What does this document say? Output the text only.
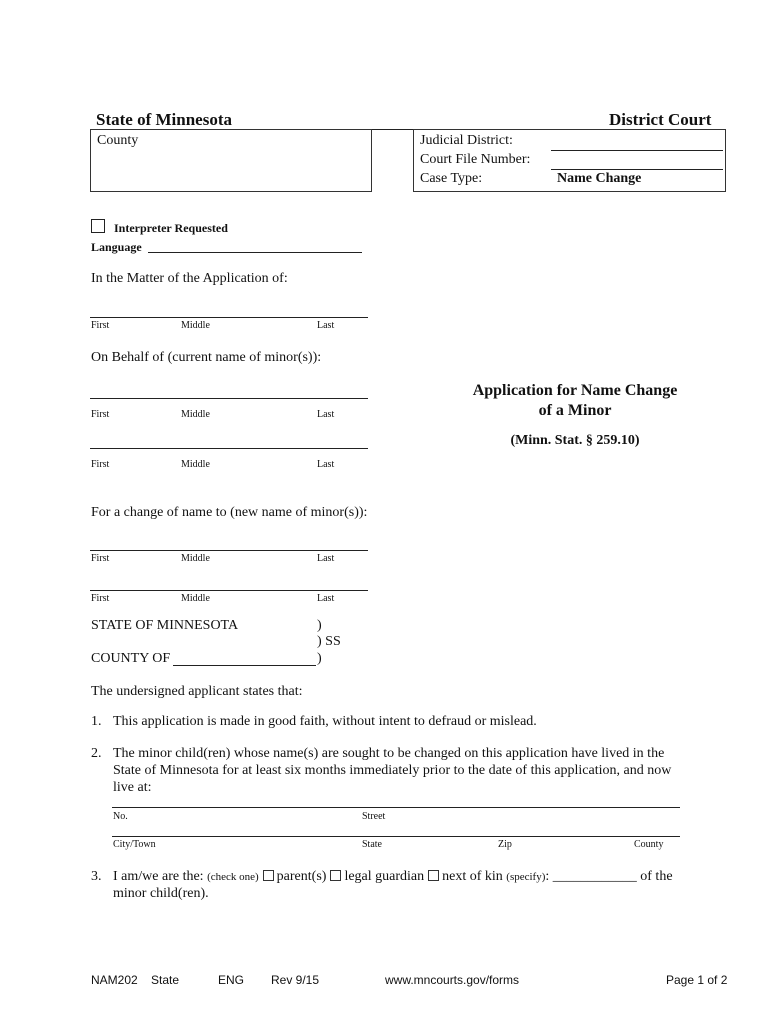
State of Minnesota	District Court
County	Judicial District:
Court File Number:
Case Type:	Name Change
Interpreter Requested
Language
In the Matter of the Application of:
First	Middle	Last
On Behalf of (current name of minor(s)):
First	Middle	Last
First	Middle	Last
Application for Name Change
of a Minor
(Minn. Stat. § 259.10)
For a change of name to (new name of minor(s)):
First	Middle	Last
First	Middle	Last
STATE OF MINNESOTA	)
) SS
COUNTY OF	)
The undersigned applicant states that:
1. This application is made in good faith, without intent to defraud or mislead.
2. The minor child(ren) whose name(s) are sought to be changed on this application have lived in the
State of Minnesota for at least six months immediately prior to the date of this application, and now
live at:
No.	Street
City/Town	State	Zip	County
3. I am/we are the: (check one) parent(s) legal guardian next of kin (specify): ____________ of the
minor child(ren).
NAM202 State	ENG Rev 9/15	www.mncourts.gov/forms	Page 1 of 2
